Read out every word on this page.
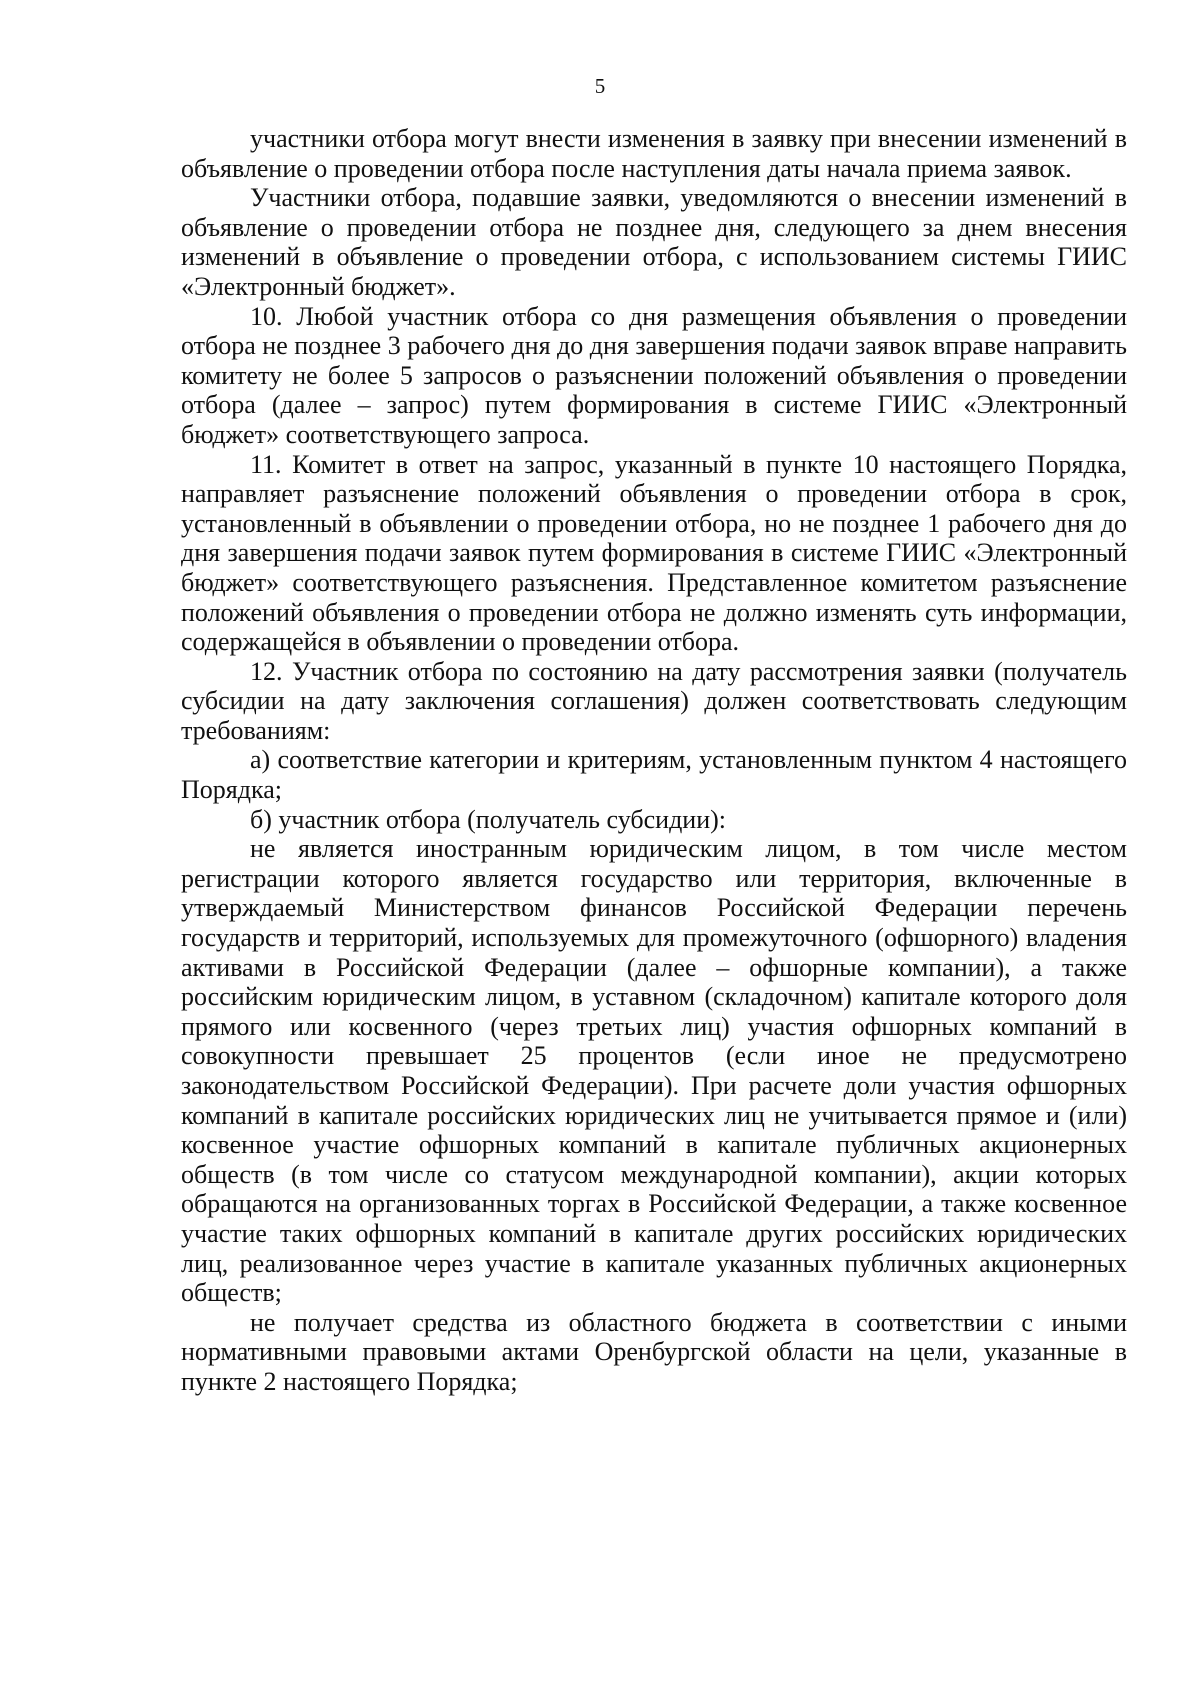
5

участники отбора могут внести изменения в заявку при внесении изменений в объявление о проведении отбора после наступления даты начала приема заявок.

Участники отбора, подавшие заявки, уведомляются о внесении изменений в объявление о проведении отбора не позднее дня, следующего за днем внесения изменений в объявление о проведении отбора, с использованием системы ГИИС «Электронный бюджет».

10. Любой участник отбора со дня размещения объявления о проведении отбора не позднее 3 рабочего дня до дня завершения подачи заявок вправе направить комитету не более 5 запросов о разъяснении положений объявления о проведении отбора (далее – запрос) путем формирования в системе ГИИС «Электронный бюджет» соответствующего запроса.

11. Комитет в ответ на запрос, указанный в пункте 10 настоящего Порядка, направляет разъяснение положений объявления о проведении отбора в срок, установленный в объявлении о проведении отбора, но не позднее 1 рабочего дня до дня завершения подачи заявок путем формирования в системе ГИИС «Электронный бюджет» соответствующего разъяснения. Представленное комитетом разъяснение положений объявления о проведении отбора не должно изменять суть информации, содержащейся в объявлении о проведении отбора.

12. Участник отбора по состоянию на дату рассмотрения заявки (получатель субсидии на дату заключения соглашения) должен соответствовать следующим требованиям:

а) соответствие категории и критериям, установленным пунктом 4 настоящего Порядка;

б) участник отбора (получатель субсидии):

не является иностранным юридическим лицом, в том числе местом регистрации которого является государство или территория, включенные в утверждаемый Министерством финансов Российской Федерации перечень государств и территорий, используемых для промежуточного (офшорного) владения активами в Российской Федерации (далее – офшорные компании), а также российским юридическим лицом, в уставном (складочном) капитале которого доля прямого или косвенного (через третьих лиц) участия офшорных компаний в совокупности превышает 25 процентов (если иное не предусмотрено законодательством Российской Федерации). При расчете доли участия офшорных компаний в капитале российских юридических лиц не учитывается прямое и (или) косвенное участие офшорных компаний в капитале публичных акционерных обществ (в том числе со статусом международной компании), акции которых обращаются на организованных торгах в Российской Федерации, а также косвенное участие таких офшорных компаний в капитале других российских юридических лиц, реализованное через участие в капитале указанных публичных акционерных обществ;

не получает средства из областного бюджета в соответствии с иными нормативными правовыми актами Оренбургской области на цели, указанные в пункте 2 настоящего Порядка;
